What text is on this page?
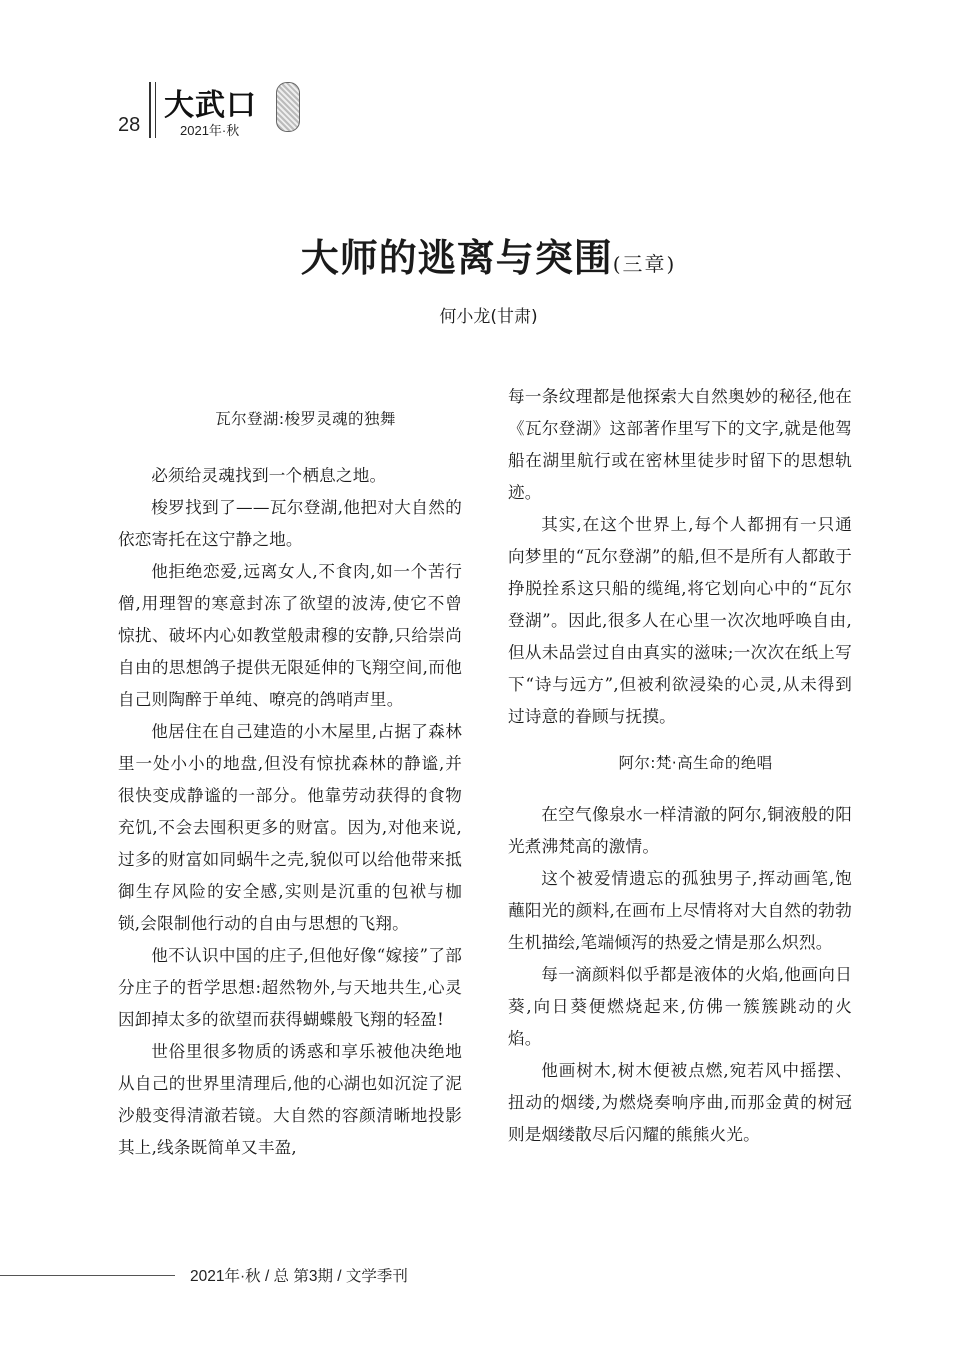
28
大武口
2021年·秋
大师的逃离与突围(三章)
何小龙(甘肃)

瓦尔登湖:梭罗灵魂的独舞

必须给灵魂找到一个栖息之地。

梭罗找到了——瓦尔登湖,他把对大自然的依恋寄托在这宁静之地。

他拒绝恋爱,远离女人,不食肉,如一个苦行僧,用理智的寒意封冻了欲望的波涛,使它不曾惊扰、破坏内心如教堂般肃穆的安静,只给崇尚自由的思想鸽子提供无限延伸的飞翔空间,而他自己则陶醉于单纯、嘹亮的鸽哨声里。

他居住在自己建造的小木屋里,占据了森林里一处小小的地盘,但没有惊扰森林的静谧,并很快变成静谧的一部分。他靠劳动获得的食物充饥,不会去囤积更多的财富。因为,对他来说,过多的财富如同蜗牛之壳,貌似可以给他带来抵御生存风险的安全感,实则是沉重的包袱与枷锁,会限制他行动的自由与思想的飞翔。

他不认识中国的庄子,但他好像“嫁接”了部分庄子的哲学思想:超然物外,与天地共生,心灵因卸掉太多的欲望而获得蝴蝶般飞翔的轻盈!

世俗里很多物质的诱惑和享乐被他决绝地从自己的世界里清理后,他的心湖也如沉淀了泥沙般变得清澈若镜。大自然的容颜清晰地投影其上,线条既简单又丰盈,

每一条纹理都是他探索大自然奥妙的秘径,他在《瓦尔登湖》这部著作里写下的文字,就是他驾船在湖里航行或在密林里徒步时留下的思想轨迹。

其实,在这个世界上,每个人都拥有一只通向梦里的“瓦尔登湖”的船,但不是所有人都敢于挣脱拴系这只船的缆绳,将它划向心中的“瓦尔登湖”。因此,很多人在心里一次次地呼唤自由,但从未品尝过自由真实的滋味;一次次在纸上写下“诗与远方”,但被利欲浸染的心灵,从未得到过诗意的眷顾与抚摸。

阿尔:梵·高生命的绝唱

在空气像泉水一样清澈的阿尔,铜液般的阳光煮沸梵高的激情。

这个被爱情遗忘的孤独男子,挥动画笔,饱蘸阳光的颜料,在画布上尽情将对大自然的勃勃生机描绘,笔端倾泻的热爱之情是那么炽烈。

每一滴颜料似乎都是液体的火焰,他画向日葵,向日葵便燃烧起来,仿佛一簇簇跳动的火焰。

他画树木,树木便被点燃,宛若风中摇摆、扭动的烟缕,为燃烧奏响序曲,而那金黄的树冠则是烟缕散尽后闪耀的熊熊火光。

2021年·秋 / 总 第3期 / 文学季刊
